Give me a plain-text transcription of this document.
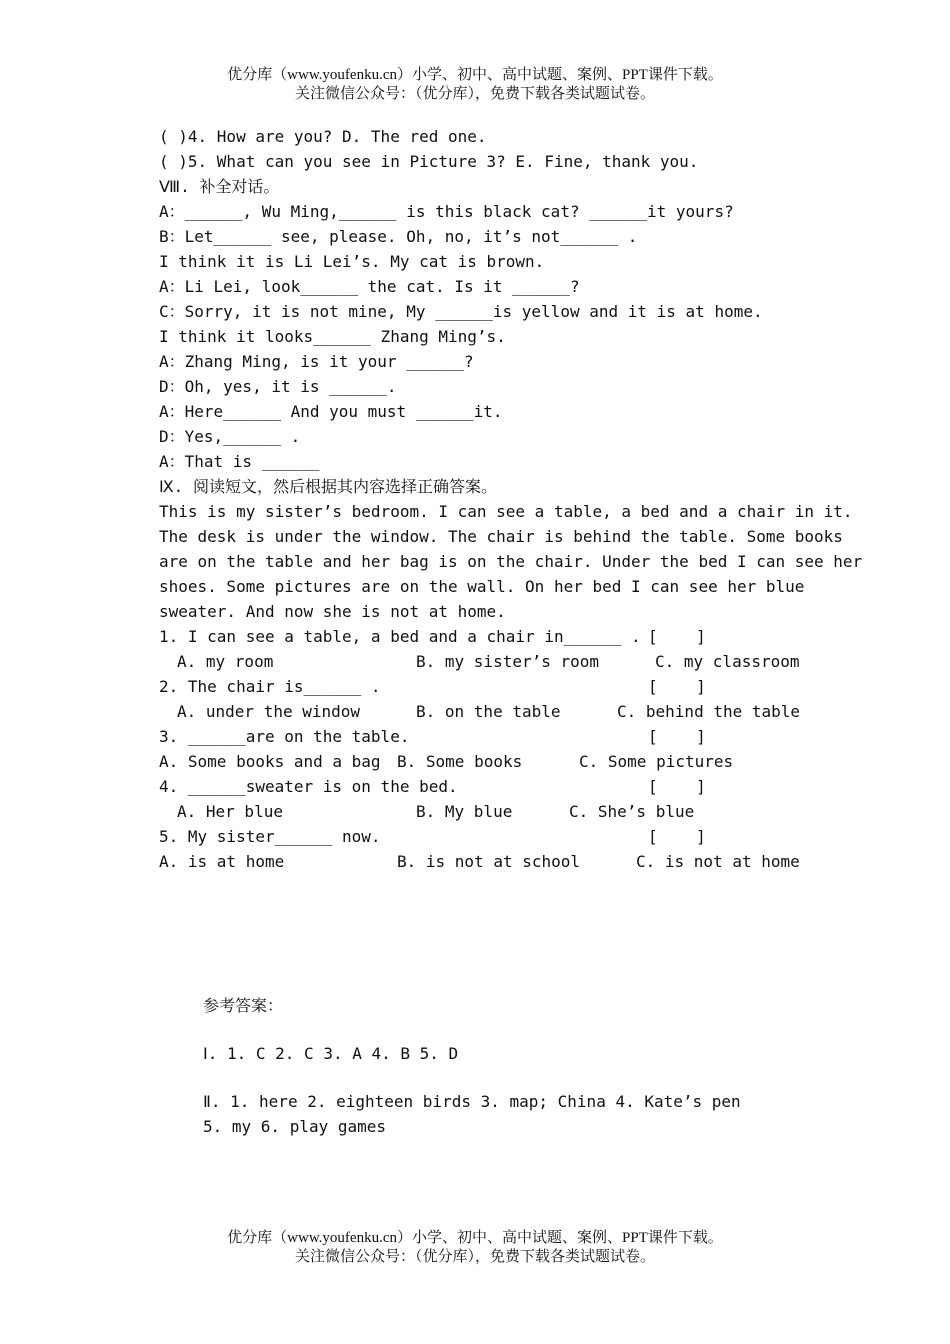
优分库（www.youfenku.cn）小学、初中、高中试题、案例、PPT课件下载。
关注微信公众号：（优分库），免费下载各类试题试卷。
( )4. How are you? D. The red one.
( )5. What can you see in Picture 3? E. Fine, thank you.
Ⅷ. 补全对话。
A：______, Wu Ming,______ is this black cat? ______it yours?
B：Let______ see, please. Oh, no, it’s not______ .
I think it is Li Lei’s. My cat is brown.
A：Li Lei, look______ the cat. Is it ______?
C：Sorry, it is not mine, My ______is yellow and it is at home.
I think it looks______ Zhang Ming’s.
A：Zhang Ming, is it your ______?
D：Oh, yes, it is ______.
A：Here______ And you must ______it.
D：Yes,______ .
A：That is ______
Ⅸ. 阅读短文，然后根据其内容选择正确答案。
This is my sister’s bedroom. I can see a table, a bed and a chair in it.
The desk is under the window. The chair is behind the table. Some books
are on the table and her bag is on the chair. Under the bed I can see her
shoes. Some pictures are on the wall. On her bed I can see her blue
sweater. And now she is not at home.
1. I can see a table, a bed and a chair in______ . [    ]
A. my room	B. my sister’s room	C. my classroom
2. The chair is______ .	[    ]
A. under the window	B. on the table	C. behind the table
3. ______are on the table.	[    ]
A. Some books and a bag B. Some books	C. Some pictures
4. ______sweater is on the bed.	[    ]
A. Her blue	B. My blue	C. She’s blue
5. My sister______ now.	[    ]
A. is at home	B. is not at school	C. is not at home
参考答案：
Ⅰ. 1. C 2. C 3. A 4. B 5. D
Ⅱ. 1. here 2. eighteen birds 3. map; China 4. Kate’s pen
5. my 6. play games
优分库（www.youfenku.cn）小学、初中、高中试题、案例、PPT课件下载。
关注微信公众号：（优分库），免费下载各类试题试卷。
